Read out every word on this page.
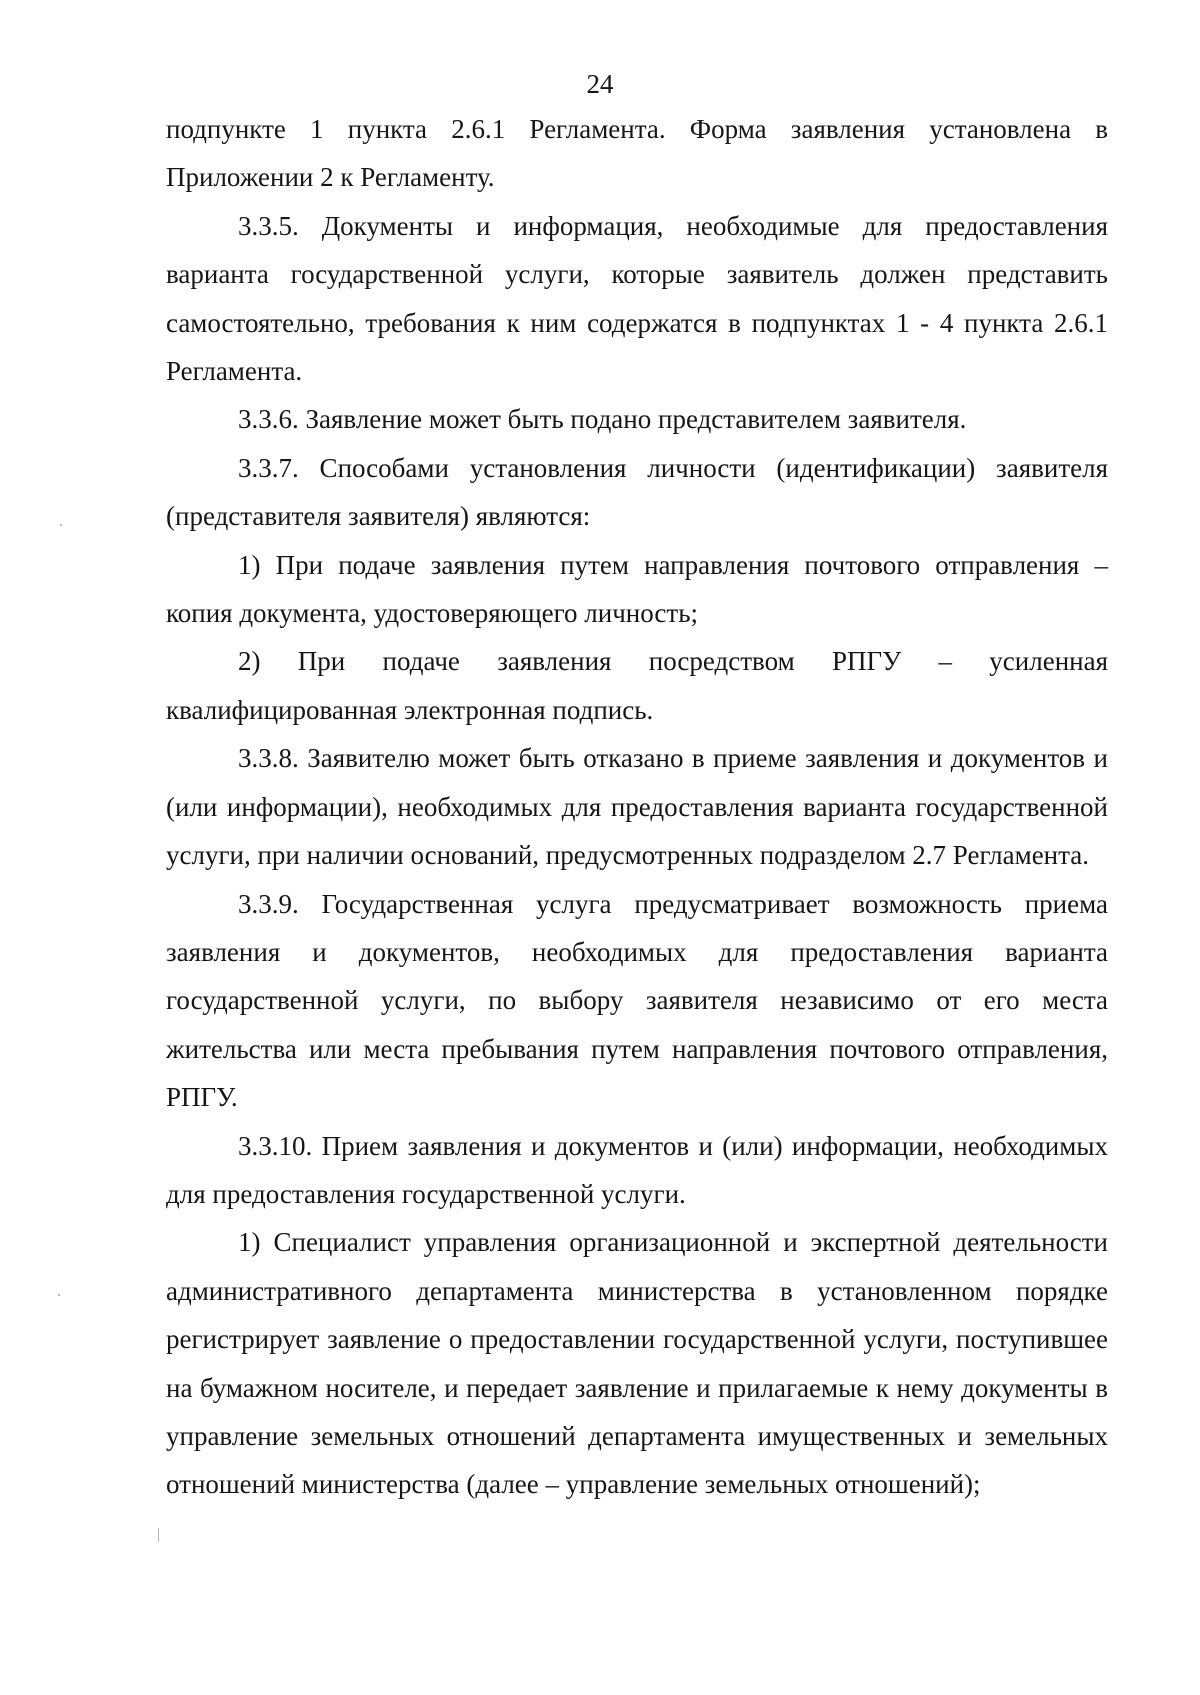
24

подпункте 1 пункта 2.6.1 Регламента. Форма заявления установлена в Приложении 2 к Регламенту.

3.3.5. Документы и информация, необходимые для предоставления варианта государственной услуги, которые заявитель должен представить самостоятельно, требования к ним содержатся в подпунктах 1 - 4 пункта 2.6.1 Регламента.

3.3.6. Заявление может быть подано представителем заявителя.

3.3.7. Способами установления личности (идентификации) заявителя (представителя заявителя) являются:

1) При подаче заявления путем направления почтового отправления – копия документа, удостоверяющего личность;

2) При подаче заявления посредством РПГУ – усиленная квалифицированная электронная подпись.

3.3.8. Заявителю может быть отказано в приеме заявления и документов и (или информации), необходимых для предоставления варианта государственной услуги, при наличии оснований, предусмотренных подразделом 2.7 Регламента.

3.3.9. Государственная услуга предусматривает возможность приема заявления и документов, необходимых для предоставления варианта государственной услуги, по выбору заявителя независимо от его места жительства или места пребывания путем направления почтового отправления, РПГУ.

3.3.10. Прием заявления и документов и (или) информации, необходимых для предоставления государственной услуги.

1) Специалист управления организационной и экспертной деятельности административного департамента министерства в установленном порядке регистрирует заявление о предоставлении государственной услуги, поступившее на бумажном носителе, и передает заявление и прилагаемые к нему документы в управление земельных отношений департамента имущественных и земельных отношений министерства (далее – управление земельных отношений);
